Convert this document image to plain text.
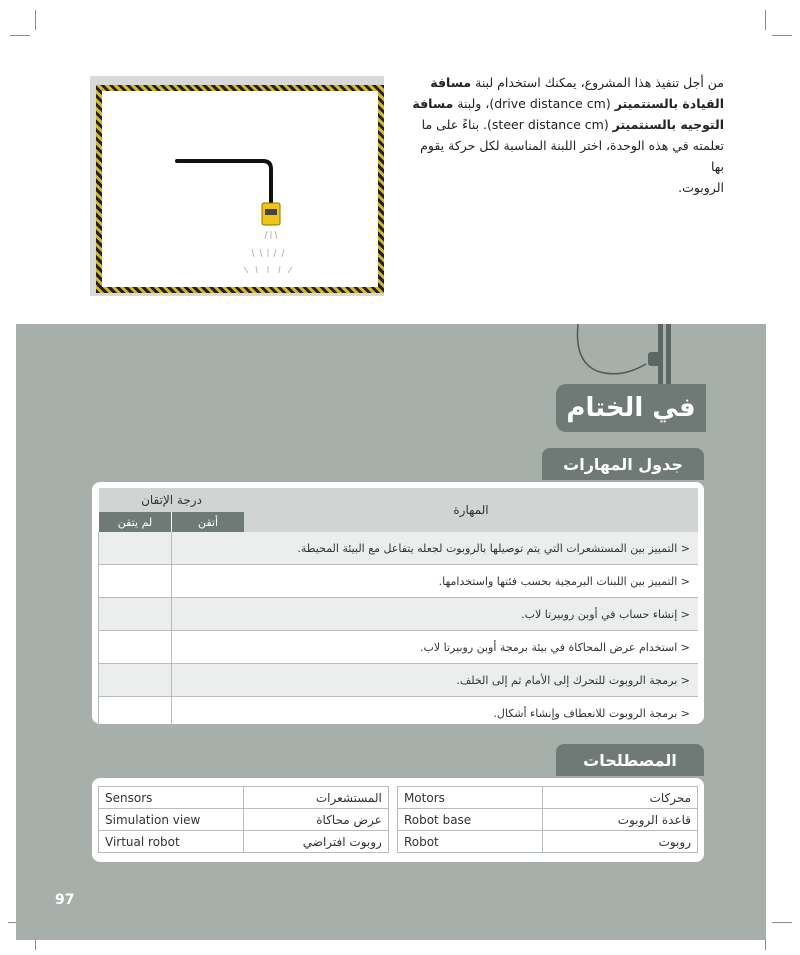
من أجل تنفيذ هذا المشروع، يمكنك استخدام لبنة مسافة
القيادة بالسنتميتر (drive distance cm)، ولبنة مسافة
التوجيه بالسنتميتر (steer distance cm). بناءً على ما
تعلمته في هذه الوحدة، اختر اللبنة المناسبة لكل حركة يقوم بها
الروبوت.
في الختام
جدول المهارات
درجة الإتقان		المهارة
لم يتقن	أتقن	
		< التمييز بين المستشعرات التي يتم توصيلها بالروبوت لجعله يتفاعل مع البيئة المحيطة.
		< التمييز بين اللبنات البرمجية بحسب فئتها واستخدامها.
		< إنشاء حساب في أوبن روبيرتا لاب.
		< استخدام عرض المحاكاة في بيئة برمجة أوبن روبيرتا لاب.
		< برمجة الروبوت للتحرك إلى الأمام ثم إلى الخلف.
		< برمجة الروبوت للانعطاف وإنشاء أشكال.
المصطلحات
Sensors	المستشعرات		Motors	محركات
Simulation view	عرض محاكاة		Robot base	قاعدة الروبوت
Virtual robot	روبوت افتراضي		Robot	روبوت
97
